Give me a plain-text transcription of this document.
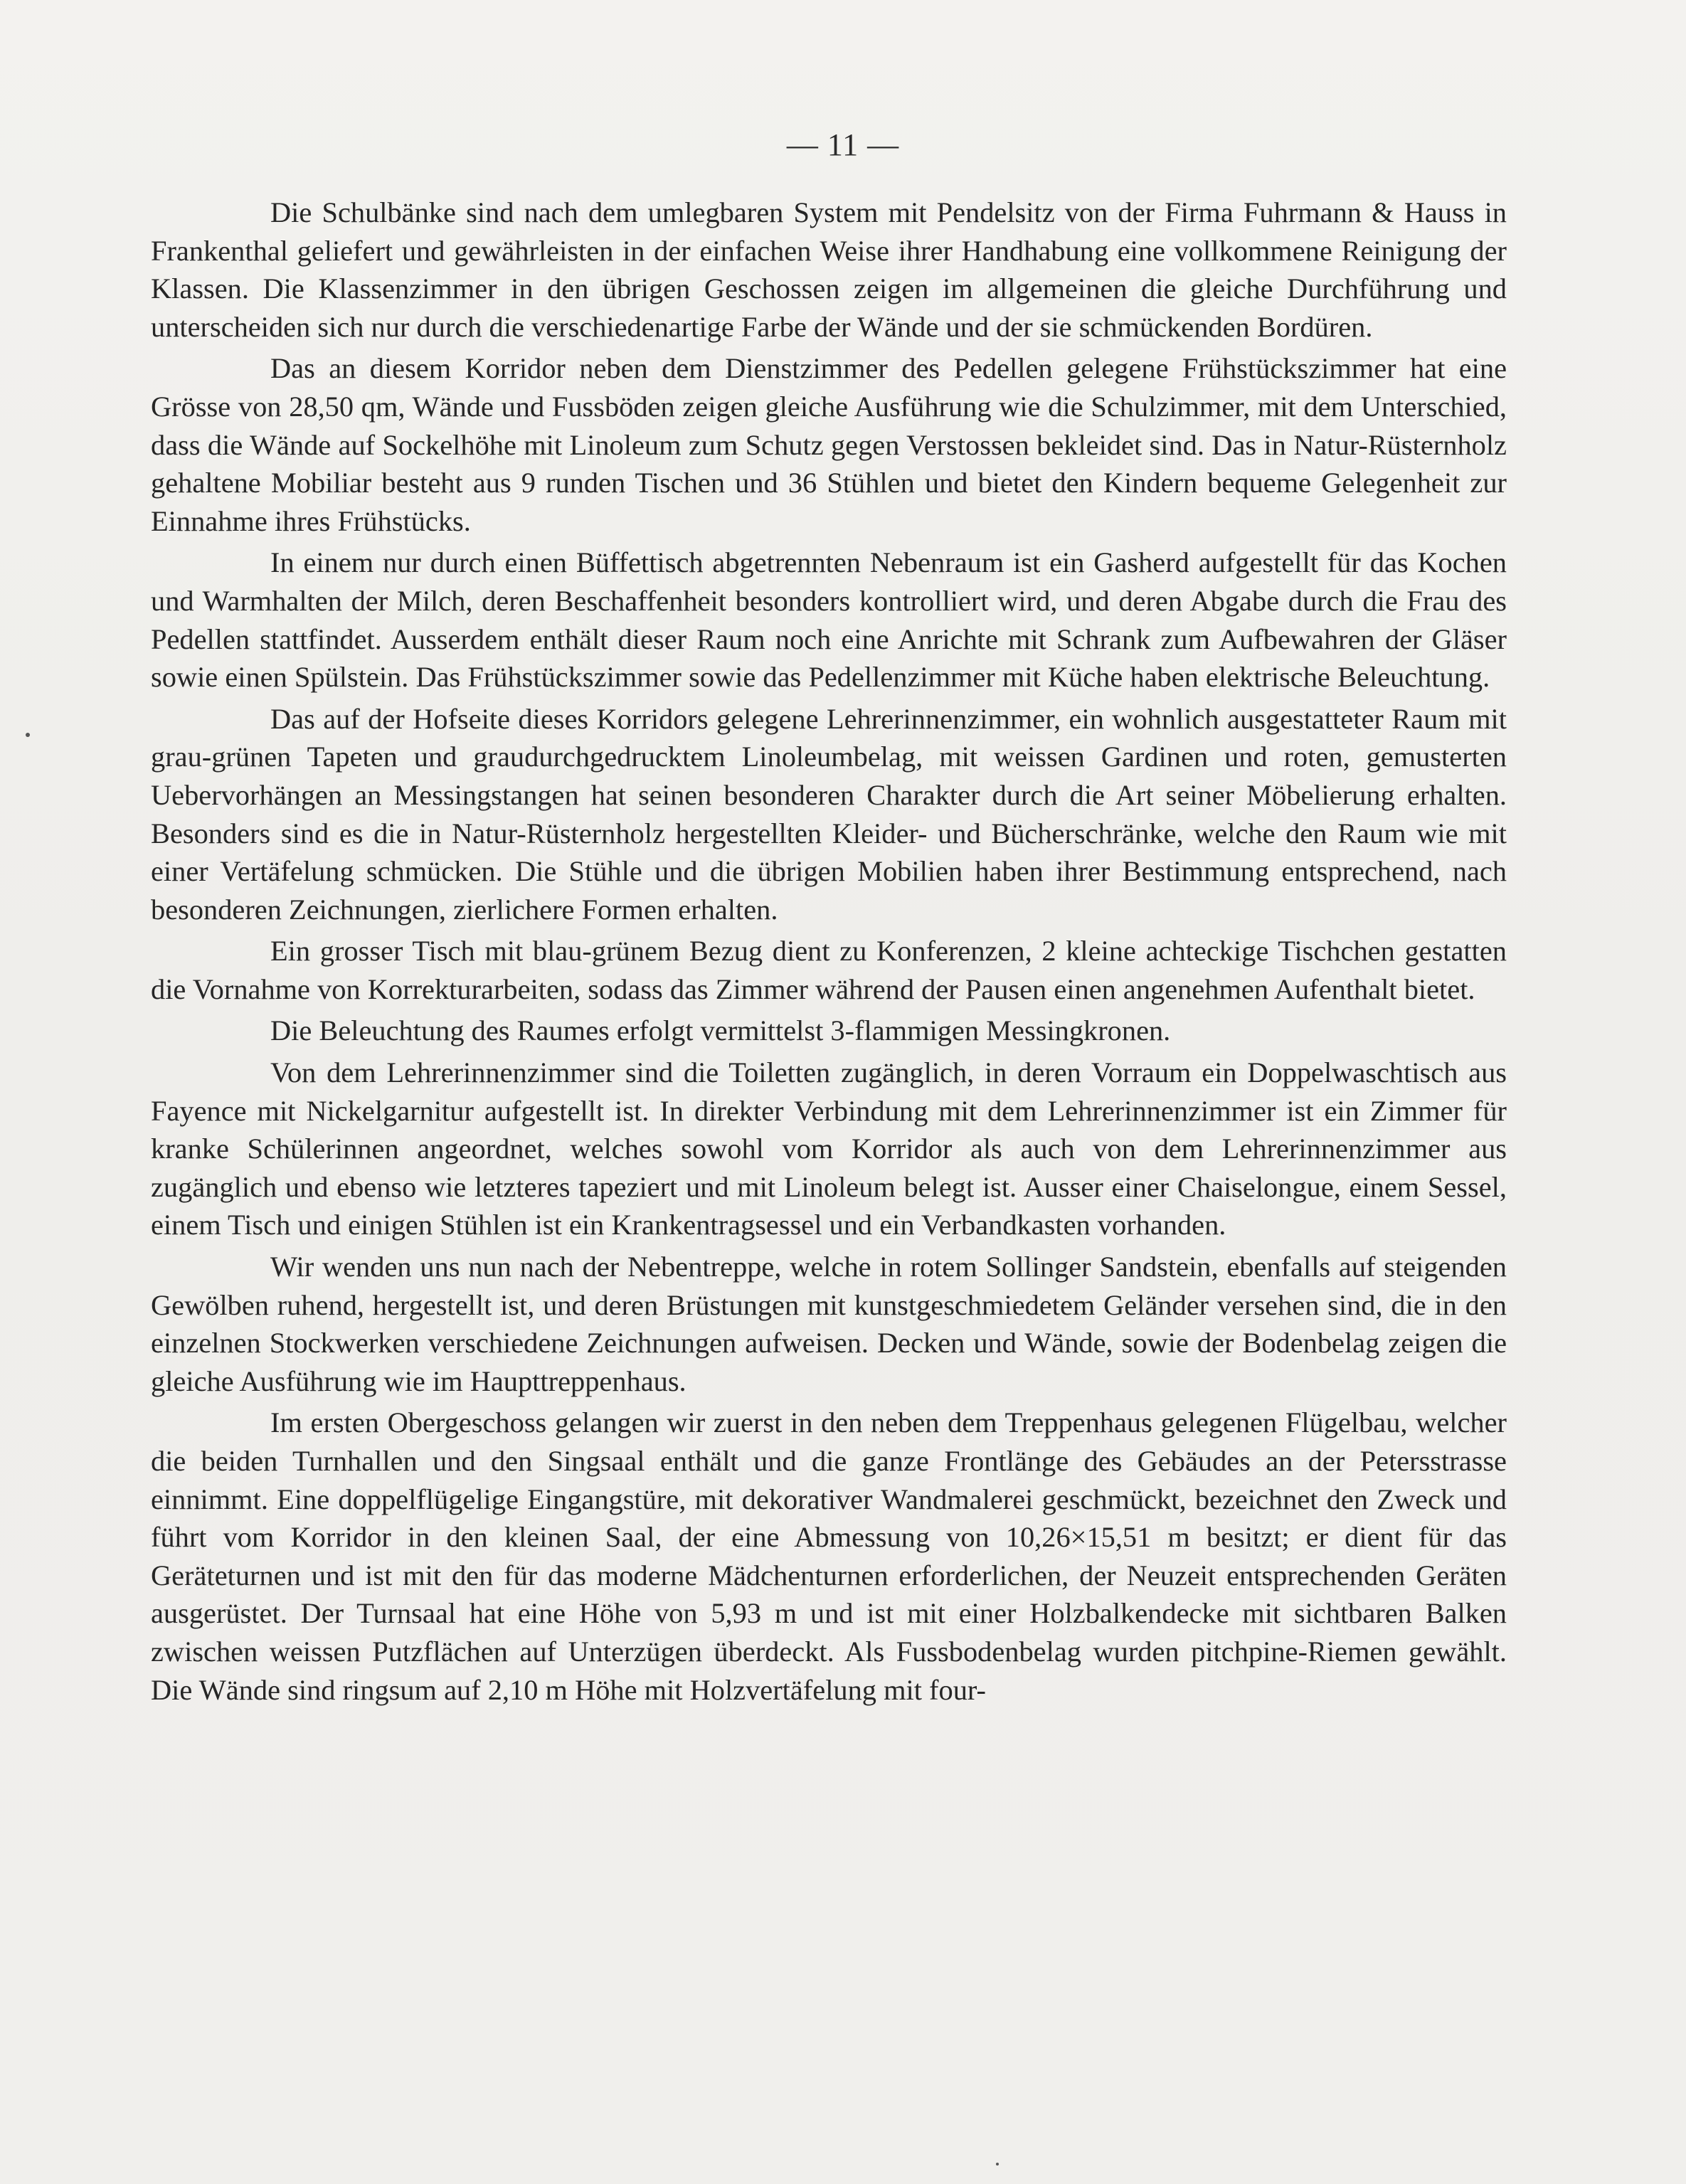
— 11 —

Die Schulbänke sind nach dem umlegbaren System mit Pendelsitz von der Firma Fuhrmann & Hauss in Frankenthal geliefert und gewährleisten in der einfachen Weise ihrer Handhabung eine vollkommene Reinigung der Klassen. Die Klassenzimmer in den übrigen Geschossen zeigen im allgemeinen die gleiche Durchführung und unterscheiden sich nur durch die verschiedenartige Farbe der Wände und der sie schmückenden Bordüren.

Das an diesem Korridor neben dem Dienstzimmer des Pedellen gelegene Frühstückszimmer hat eine Grösse von 28,50 qm, Wände und Fussböden zeigen gleiche Ausführung wie die Schulzimmer, mit dem Unterschied, dass die Wände auf Sockelhöhe mit Linoleum zum Schutz gegen Verstossen bekleidet sind. Das in Natur-Rüsternholz gehaltene Mobiliar besteht aus 9 runden Tischen und 36 Stühlen und bietet den Kindern bequeme Gelegenheit zur Einnahme ihres Frühstücks.

In einem nur durch einen Büffettisch abgetrennten Nebenraum ist ein Gasherd aufgestellt für das Kochen und Warmhalten der Milch, deren Beschaffenheit besonders kontrolliert wird, und deren Abgabe durch die Frau des Pedellen stattfindet. Ausserdem enthält dieser Raum noch eine Anrichte mit Schrank zum Aufbewahren der Gläser sowie einen Spülstein. Das Frühstückszimmer sowie das Pedellenzimmer mit Küche haben elektrische Beleuchtung.

Das auf der Hofseite dieses Korridors gelegene Lehrerinnenzimmer, ein wohnlich ausgestatteter Raum mit grau-grünen Tapeten und graudurchgedrucktem Linoleumbelag, mit weissen Gardinen und roten, gemusterten Uebervorhängen an Messingstangen hat seinen besonderen Charakter durch die Art seiner Möbelierung erhalten. Besonders sind es die in Natur-Rüsternholz hergestellten Kleider- und Bücherschränke, welche den Raum wie mit einer Vertäfelung schmücken. Die Stühle und die übrigen Mobilien haben ihrer Bestimmung entsprechend, nach besonderen Zeichnungen, zierlichere Formen erhalten.

Ein grosser Tisch mit blau-grünem Bezug dient zu Konferenzen, 2 kleine achteckige Tischchen gestatten die Vornahme von Korrekturarbeiten, sodass das Zimmer während der Pausen einen angenehmen Aufenthalt bietet.

Die Beleuchtung des Raumes erfolgt vermittelst 3-flammigen Messingkronen.

Von dem Lehrerinnenzimmer sind die Toiletten zugänglich, in deren Vorraum ein Doppelwaschtisch aus Fayence mit Nickelgarnitur aufgestellt ist. In direkter Verbindung mit dem Lehrerinnenzimmer ist ein Zimmer für kranke Schülerinnen angeordnet, welches sowohl vom Korridor als auch von dem Lehrerinnenzimmer aus zugänglich und ebenso wie letzteres tapeziert und mit Linoleum belegt ist. Ausser einer Chaiselongue, einem Sessel, einem Tisch und einigen Stühlen ist ein Krankentragsessel und ein Verbandkasten vorhanden.

Wir wenden uns nun nach der Nebentreppe, welche in rotem Sollinger Sandstein, ebenfalls auf steigenden Gewölben ruhend, hergestellt ist, und deren Brüstungen mit kunstgeschmiedetem Geländer versehen sind, die in den einzelnen Stockwerken verschiedene Zeichnungen aufweisen. Decken und Wände, sowie der Bodenbelag zeigen die gleiche Ausführung wie im Haupttreppenhaus.

Im ersten Obergeschoss gelangen wir zuerst in den neben dem Treppenhaus gelegenen Flügelbau, welcher die beiden Turnhallen und den Singsaal enthält und die ganze Frontlänge des Gebäudes an der Petersstrasse einnimmt. Eine doppelflügelige Eingangstüre, mit dekorativer Wandmalerei geschmückt, bezeichnet den Zweck und führt vom Korridor in den kleinen Saal, der eine Abmessung von 10,26×15,51 m besitzt; er dient für das Geräteturnen und ist mit den für das moderne Mädchenturnen erforderlichen, der Neuzeit entsprechenden Geräten ausgerüstet. Der Turnsaal hat eine Höhe von 5,93 m und ist mit einer Holzbalkendecke mit sichtbaren Balken zwischen weissen Putzflächen auf Unterzügen überdeckt. Als Fussbodenbelag wurden pitchpine-Riemen gewählt. Die Wände sind ringsum auf 2,10 m Höhe mit Holzvertäfelung mit four-
